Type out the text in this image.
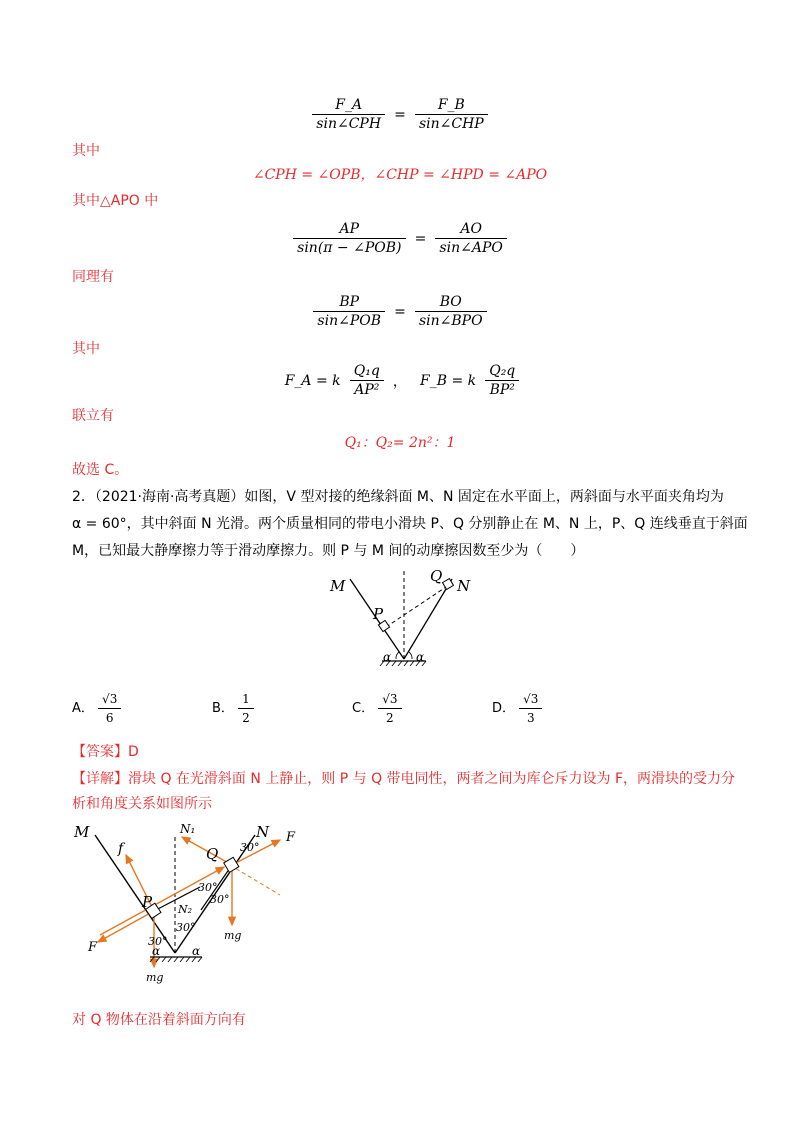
$\frac{F\_A}{\text{sin∠CPH}} = \frac{F\_B}{\text{sin∠CHP}}$
其中
∠CPH = ∠OPB，∠CHP = ∠HPD = ∠APO
其中△APO 中
$\frac{AP}{\text{sin(π − ∠POB)}} = \frac{AO}{\text{sin∠APO}}$
同理有
$\frac{BP}{\text{sin∠POB}} = \frac{BO}{\text{sin∠BPO}}$
其中
F_A = k $\frac{\text{Q₁q}}{\text{AP²}}$ ， F_B = k $\frac{\text{Q₂q}}{\text{BP²}}$
联立有
Q₁：Q₂= 2n²：1
故选 C。
2．（2021·海南·高考真题）如图，V 型对接的绝缘斜面 M、N 固定在水平面上，两斜面与水平面夹角均为
α = 60°，其中斜面 N 光滑。两个质量相同的带电小滑块 P、Q 分别静止在 M、N 上，P、Q 连线垂直于斜面
M，已知最大静摩擦力等于滑动摩擦力。则 P 与 M 间的动摩擦因数至少为（　　）
M	N
P
Q
α α
A． $\frac{√3}{6}$	B． $\frac{1}{2}$	C． $\frac{√3}{2}$	D． $\frac{√3}{3}$
【答案】D
【详解】滑块 Q 在光滑斜面 N 上静止，则 P 与 Q 带电同性，两者之间为库仑斥力设为 F，两滑块的受力分
析和角度关系如图所示
M	N
f
N₁
N₂
F
F
P
Q
mg
mg
30°
30°
30°
30°
30°
α	α
对 Q 物体在沿着斜面方向有
